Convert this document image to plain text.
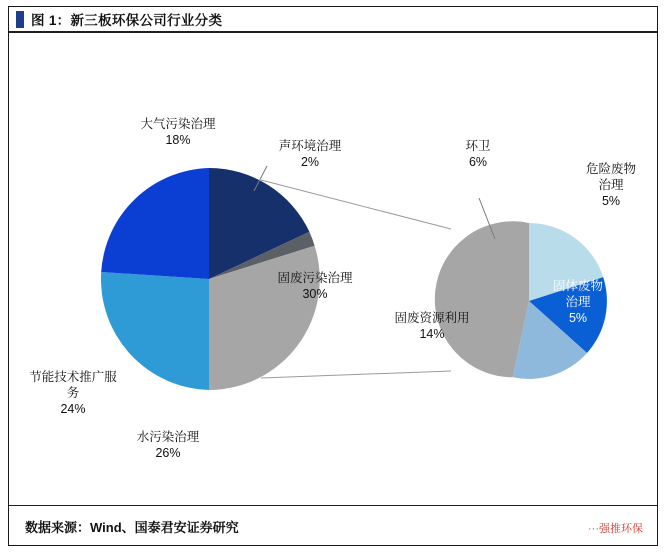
图 1： 新三板环保公司行业分类
大气污染治理
18%	声环境治理
2%
固废污染治理
30%
水污染治理
26%
节能技术推广服
务
24%
环卫
6%	危险废物
治理
5%
固体废物
治理
5%
固废资源利用
14%
数据来源：Wind、国泰君安证券研究	···强推环保
